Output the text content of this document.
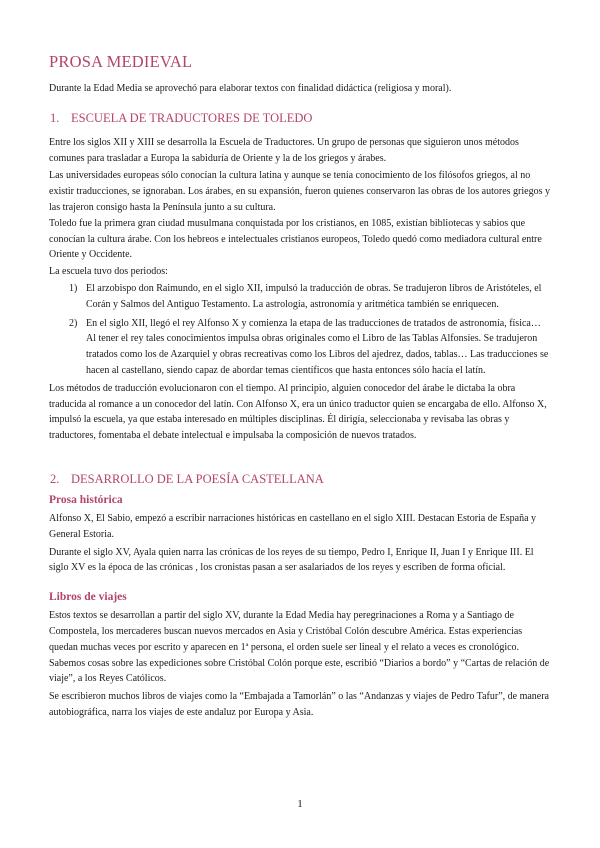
PROSA MEDIEVAL
Durante la Edad Media se aprovechó para elaborar textos con finalidad didáctica (religiosa y moral).
1. ESCUELA DE TRADUCTORES DE TOLEDO
Entre los siglos XII y XIII se desarrolla la Escuela de Traductores. Un grupo de personas que siguieron unos métodos comunes para trasladar a Europa la sabiduría de Oriente y la de los griegos y árabes.
Las universidades europeas sólo conocían la cultura latina y aunque se tenía conocimiento de los filósofos griegos, al no existir traducciones, se ignoraban. Los árabes, en su expansión, fueron quienes conservaron las obras de los autores griegos y las trajeron consigo hasta la Península junto a su cultura.
Toledo fue la primera gran ciudad musulmana conquistada por los cristianos, en 1085, existían bibliotecas y sabios que conocían la cultura árabe. Con los hebreos e intelectuales cristianos europeos, Toledo quedó como mediadora cultural entre Oriente y Occidente.
La escuela tuvo dos periodos:
1) El arzobispo don Raimundo, en el siglo XII, impulsó la traducción de obras. Se tradujeron libros de Aristóteles, el Corán y Salmos del Antiguo Testamento. La astrología, astronomía y aritmética también se enriquecen.
2) En el siglo XII, llegó el rey Alfonso X y comienza la etapa de las traducciones de tratados de astronomía, física… Al tener el rey tales conocimientos impulsa obras originales como el Libro de las Tablas Alfonsíes. Se tradujeron tratados como los de Azarquiel y obras recreativas como los Libros del ajedrez, dados, tablas… Las traducciones se hacen al castellano, siendo capaz de abordar temas científicos que hasta entonces sólo hacía el latín.
Los métodos de traducción evolucionaron con el tiempo. Al principio, alguien conocedor del árabe le dictaba la obra traducida al romance a un conocedor del latín. Con Alfonso X, era un único traductor quien se encargaba de ello. Alfonso X, impulsó la escuela, ya que estaba interesado en múltiples disciplinas. Él dirigía, seleccionaba y revisaba las obras y traductores, fomentaba el debate intelectual e impulsaba la composición de nuevos tratados.
2. DESARROLLO DE LA POESÍA CASTELLANA
Prosa histórica
Alfonso X, El Sabio, empezó a escribir narraciones históricas en castellano en el siglo XIII. Destacan Estoria de España y General Estoria.
Durante el siglo XV, Ayala quien narra las crónicas de los reyes de su tiempo, Pedro I, Enrique II, Juan I y Enrique III. El siglo XV es la época de las crónicas , los cronistas pasan a ser asalariados de los reyes y escriben de forma oficial.
Libros de viajes
Estos textos se desarrollan a partir del siglo XV, durante la Edad Media hay peregrinaciones a Roma y a Santiago de Compostela, los mercaderes buscan nuevos mercados en Asia y Cristóbal Colón descubre América. Estas experiencias quedan muchas veces por escrito y aparecen en 1ª persona, el orden suele ser lineal y el relato a veces es cronológico. Sabemos cosas sobre las expediciones sobre Cristóbal Colón porque este, escribió “Diarios a bordo” y “Cartas de relación de viaje”, a los Reyes Católicos.
Se escribieron muchos libros de viajes como la “Embajada a Tamorlán” o las “Andanzas y viajes de Pedro Tafur”, de manera autobiográfica, narra los viajes de este andaluz por Europa y Asia.
1
